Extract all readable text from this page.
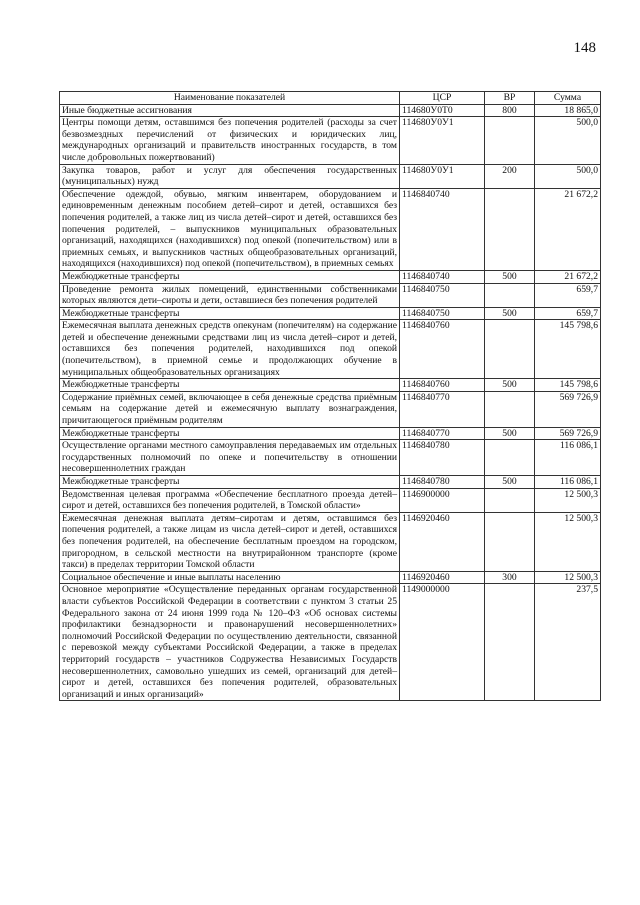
148
Наименование показателей	ЦСР	ВР	Сумма
Иные бюджетные ассигнования	114680У0Т0	800	18 865,0
Центры помощи детям, оставшимся без попечения родителей (расходы за счет безвозмездных перечислений от физических и юридических лиц, международных организаций и правительств иностранных государств, в том числе добровольных пожертвований)	114680У0У1		500,0
Закупка товаров, работ и услуг для обеспечения государственных (муниципальных) нужд	114680У0У1	200	500,0
Обеспечение одеждой, обувью, мягким инвентарем, оборудованием и единовременным денежным пособием детей–сирот и детей, оставшихся без попечения родителей, а также лиц из числа детей–сирот и детей, оставшихся без попечения родителей, – выпускников муниципальных образовательных организаций, находящихся (находившихся) под опекой (попечительством) или в приемных семьях, и выпускников частных общеобразовательных организаций, находящихся (находившихся) под опекой (попечительством), в приемных семьях	1146840740		21 672,2
Межбюджетные трансферты	1146840740	500	21 672,2
Проведение ремонта жилых помещений, единственными собственниками которых являются дети–сироты и дети, оставшиеся без попечения родителей	1146840750		659,7
Межбюджетные трансферты	1146840750	500	659,7
Ежемесячная выплата денежных средств опекунам (попечителям) на содержание детей и обеспечение денежными средствами лиц из числа детей–сирот и детей, оставшихся без попечения родителей, находившихся под опекой (попечительством), в приемной семье и продолжающих обучение в муниципальных общеобразовательных организациях	1146840760		145 798,6
Межбюджетные трансферты	1146840760	500	145 798,6
Содержание приёмных семей, включающее в себя денежные средства приёмным семьям на содержание детей и ежемесячную выплату вознаграждения, причитающегося приёмным родителям	1146840770		569 726,9
Межбюджетные трансферты	1146840770	500	569 726,9
Осуществление органами местного самоуправления передаваемых им отдельных государственных полномочий по опеке и попечительству в отношении несовершеннолетних граждан	1146840780		116 086,1
Межбюджетные трансферты	1146840780	500	116 086,1
Ведомственная целевая программа «Обеспечение бесплатного проезда детей–сирот и детей, оставшихся без попечения родителей, в Томской области»	1146900000		12 500,3
Ежемесячная денежная выплата детям–сиротам и детям, оставшимся без попечения родителей, а также лицам из числа детей–сирот и детей, оставшихся без попечения родителей, на обеспечение бесплатным проездом на городском, пригородном, в сельской местности на внутрирайонном транспорте (кроме такси) в пределах территории Томской области	1146920460		12 500,3
Социальное обеспечение и иные выплаты населению	1146920460	300	12 500,3
Основное мероприятие «Осуществление переданных органам государственной власти субъектов Российской Федерации в соответствии с пунктом 3 статьи 25 Федерального закона от 24 июня 1999 года № 120–ФЗ «Об основах системы профилактики безнадзорности и правонарушений несовершеннолетних» полномочий Российской Федерации по осуществлению деятельности, связанной с перевозкой между субъектами Российской Федерации, а также в пределах территорий государств – участников Содружества Независимых Государств несовершеннолетних, самовольно ушедших из семей, организаций для детей–сирот и детей, оставшихся без попечения родителей, образовательных организаций и иных организаций»	1149000000		237,5
